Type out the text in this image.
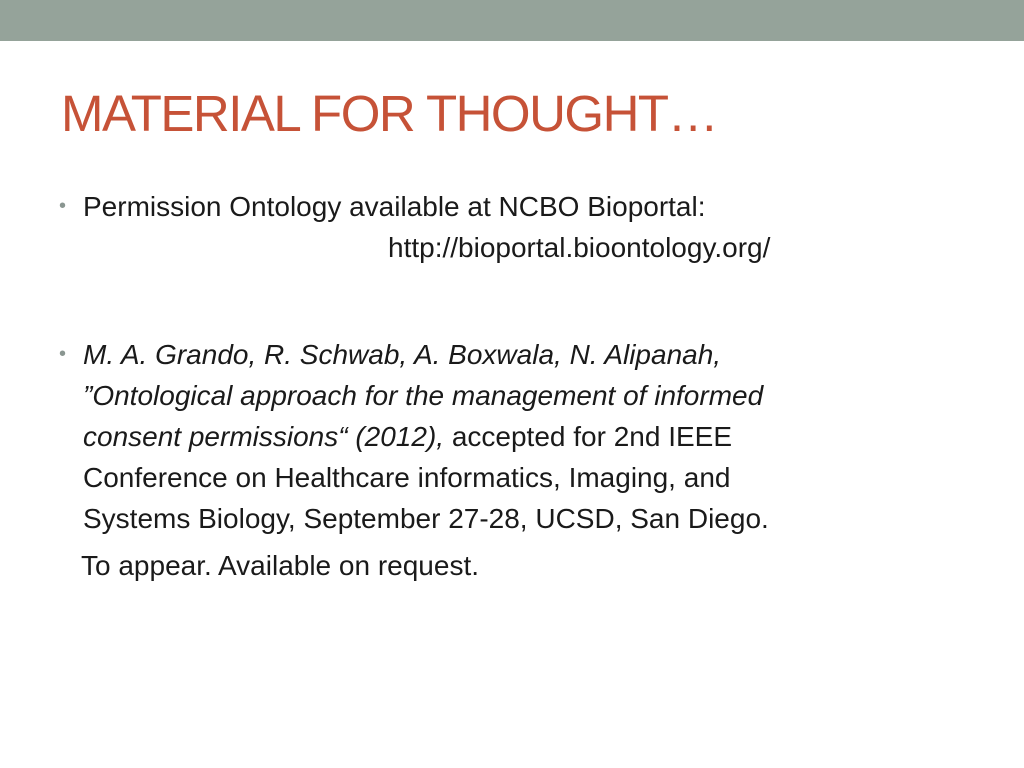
MATERIAL FOR THOUGHT…
• Permission Ontology available at NCBO Bioportal:
http://bioportal.bioontology.org/
• M. A. Grando, R. Schwab, A. Boxwala, N. Alipanah,
”Ontological approach for the management of informed
consent permissions“ (2012), accepted for 2nd IEEE
Conference on Healthcare informatics, Imaging, and
Systems Biology, September 27-28, UCSD, San Diego.
To appear. Available on request.
